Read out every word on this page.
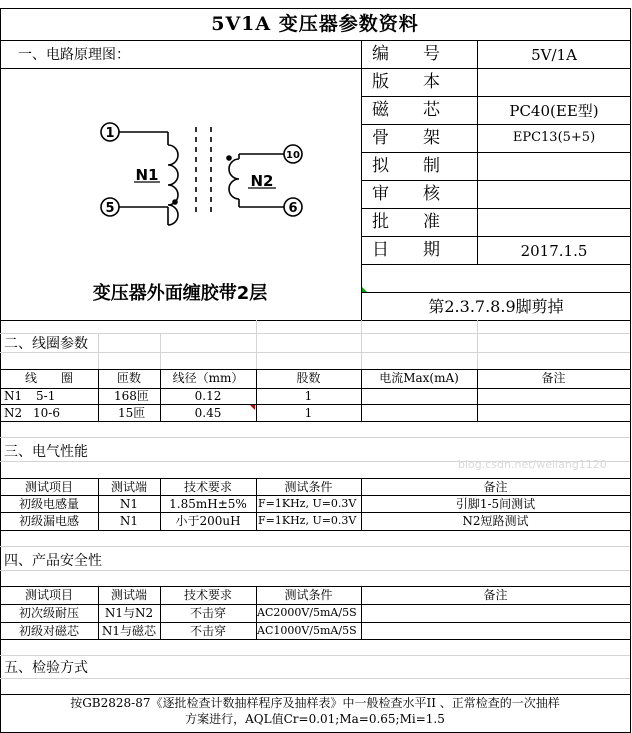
5V1A 变压器参数资料
一、电路原理图：	编　　号	5V/1A
版　　本
磁　　芯	PC40(EE型)
骨　　架	EPC13(5+5)
拟　　制
审　　核
批　　准
日　　期	2017.1.5
第2.3.7.8.9脚剪掉
1
5
10
6
N1	N2
变压器外面缠胶带2层
二、线圈参数
线　　圈	匝数	线径（mm）	股数	电流Max(mA)	备注
N1 5-1	168匝	0.12	1
N2 10-6	15匝	0.45	1
三、电气性能
测试项目	测试端	技术要求	测试条件	备注
初级电感量	N1	1.85mH±5%	F=1KHz, U=0.3V	引脚1-5间测试
初级漏电感	N1	小于200uH	F=1KHz, U=0.3V	N2短路测试
四、产品安全性
测试项目	测试端	技术要求	测试条件	备注
初次级耐压	N1与N2	不击穿	AC2000V/5mA/5S
初级对磁芯	N1与磁芯	不击穿	AC1000V/5mA/5S
五、检验方式
按GB2828-87《逐批检查计数抽样程序及抽样表》中一般检查水平II 、正常检查的一次抽样
方案进行，AQL值Cr=0.01;Ma=0.65;Mi=1.5
blog.csdn.net/weilang1120
